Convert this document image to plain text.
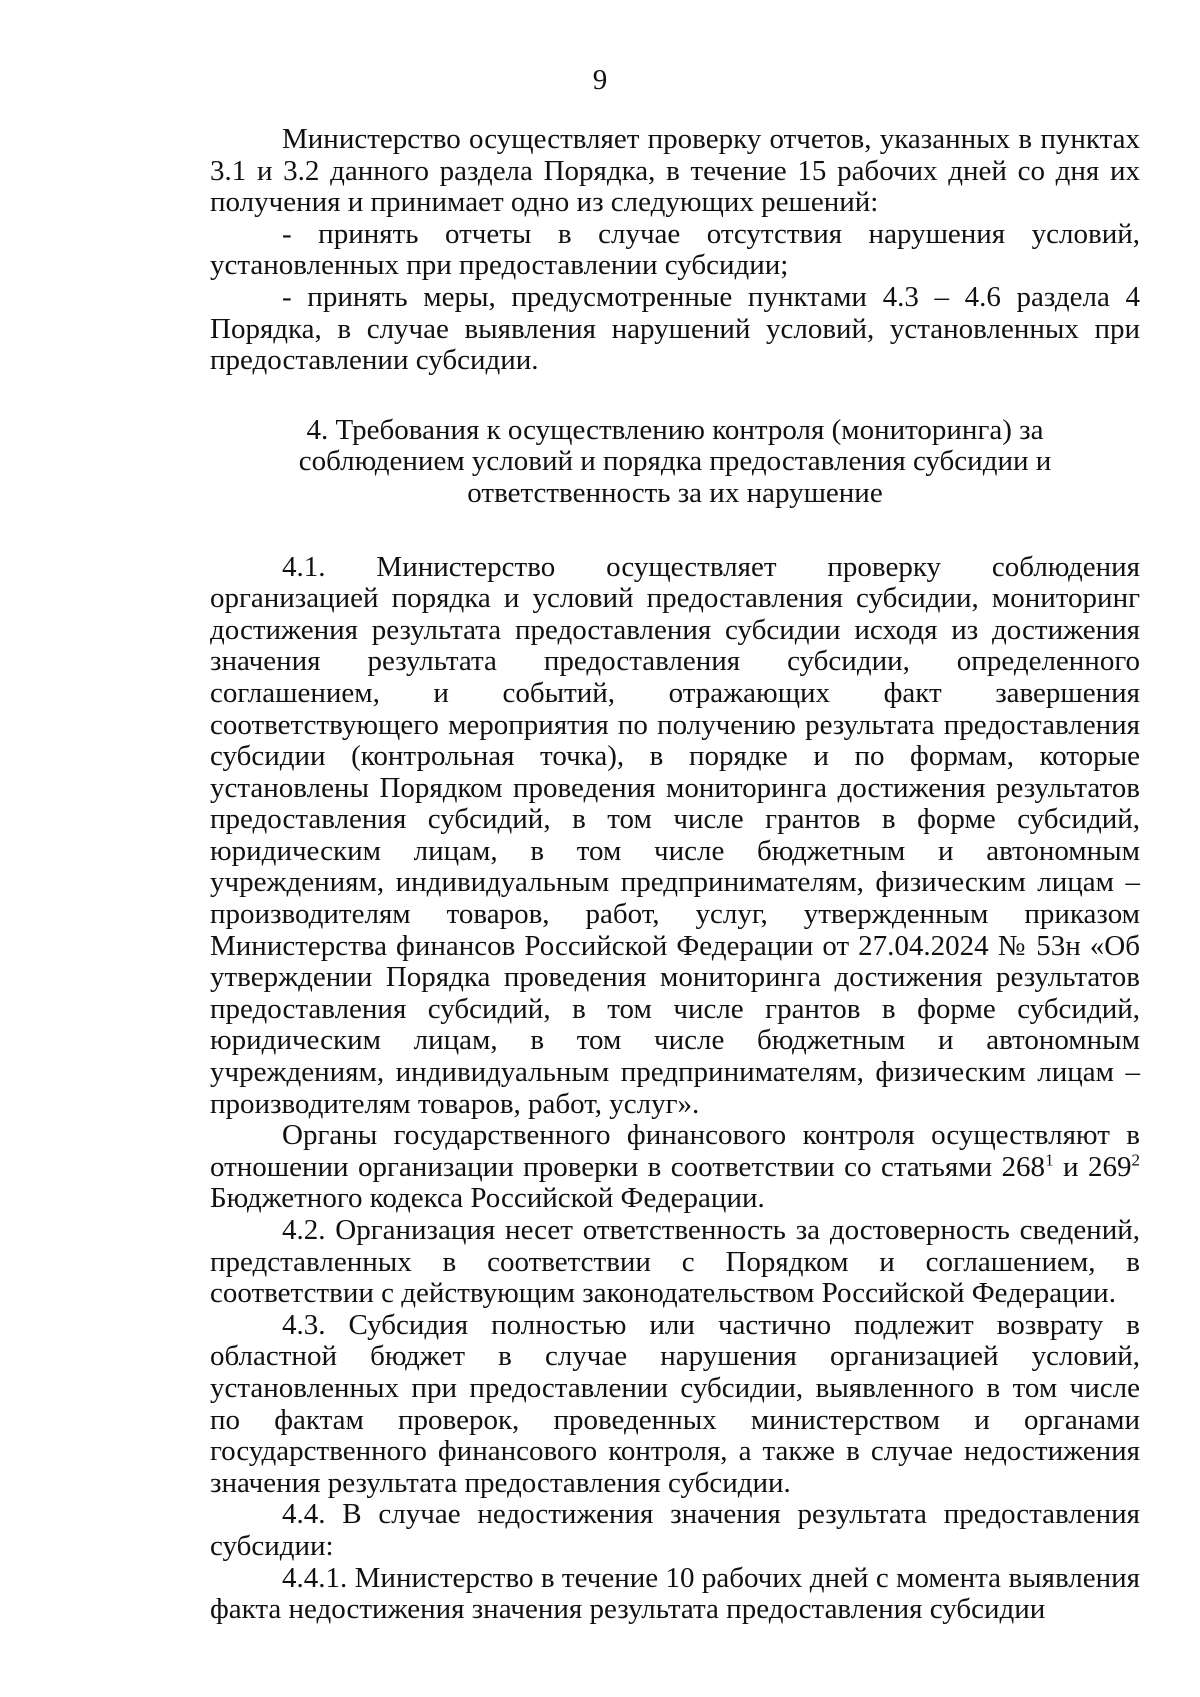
9

Министерство осуществляет проверку отчетов, указанных в пунктах 3.1 и 3.2 данного раздела Порядка, в течение 15 рабочих дней со дня их получения и принимает одно из следующих решений:

- принять отчеты в случае отсутствия нарушения условий, установленных при предоставлении субсидии;

- принять меры, предусмотренные пунктами 4.3 – 4.6 раздела 4 Порядка, в случае выявления нарушений условий, установленных при предоставлении субсидии.

4. Требования к осуществлению контроля (мониторинга) за соблюдением условий и порядка предоставления субсидии и ответственность за их нарушение

4.1. Министерство осуществляет проверку соблюдения организацией порядка и условий предоставления субсидии, мониторинг достижения результата предоставления субсидии исходя из достижения значения результата предоставления субсидии, определенного соглашением, и событий, отражающих факт завершения соответствующего мероприятия по получению результата предоставления субсидии (контрольная точка), в порядке и по формам, которые установлены Порядком проведения мониторинга достижения результатов предоставления субсидий, в том числе грантов в форме субсидий, юридическим лицам, в том числе бюджетным и автономным учреждениям, индивидуальным предпринимателям, физическим лицам – производителям товаров, работ, услуг, утвержденным приказом Министерства финансов Российской Федерации от 27.04.2024 № 53н «Об утверждении Порядка проведения мониторинга достижения результатов предоставления субсидий, в том числе грантов в форме субсидий, юридическим лицам, в том числе бюджетным и автономным учреждениям, индивидуальным предпринимателям, физическим лицам – производителям товаров, работ, услуг».

Органы государственного финансового контроля осуществляют в отношении организации проверки в соответствии со статьями $268^1$ и $269^2$ Бюджетного кодекса Российской Федерации.

4.2. Организация несет ответственность за достоверность сведений, представленных в соответствии с Порядком и соглашением, в соответствии с действующим законодательством Российской Федерации.

4.3. Субсидия полностью или частично подлежит возврату в областной бюджет в случае нарушения организацией условий, установленных при предоставлении субсидии, выявленного в том числе по фактам проверок, проведенных министерством и органами государственного финансового контроля, а также в случае недостижения значения результата предоставления субсидии.

4.4. В случае недостижения значения результата предоставления субсидии:

4.4.1. Министерство в течение 10 рабочих дней с момента выявления факта недостижения значения результата предоставления субсидии
